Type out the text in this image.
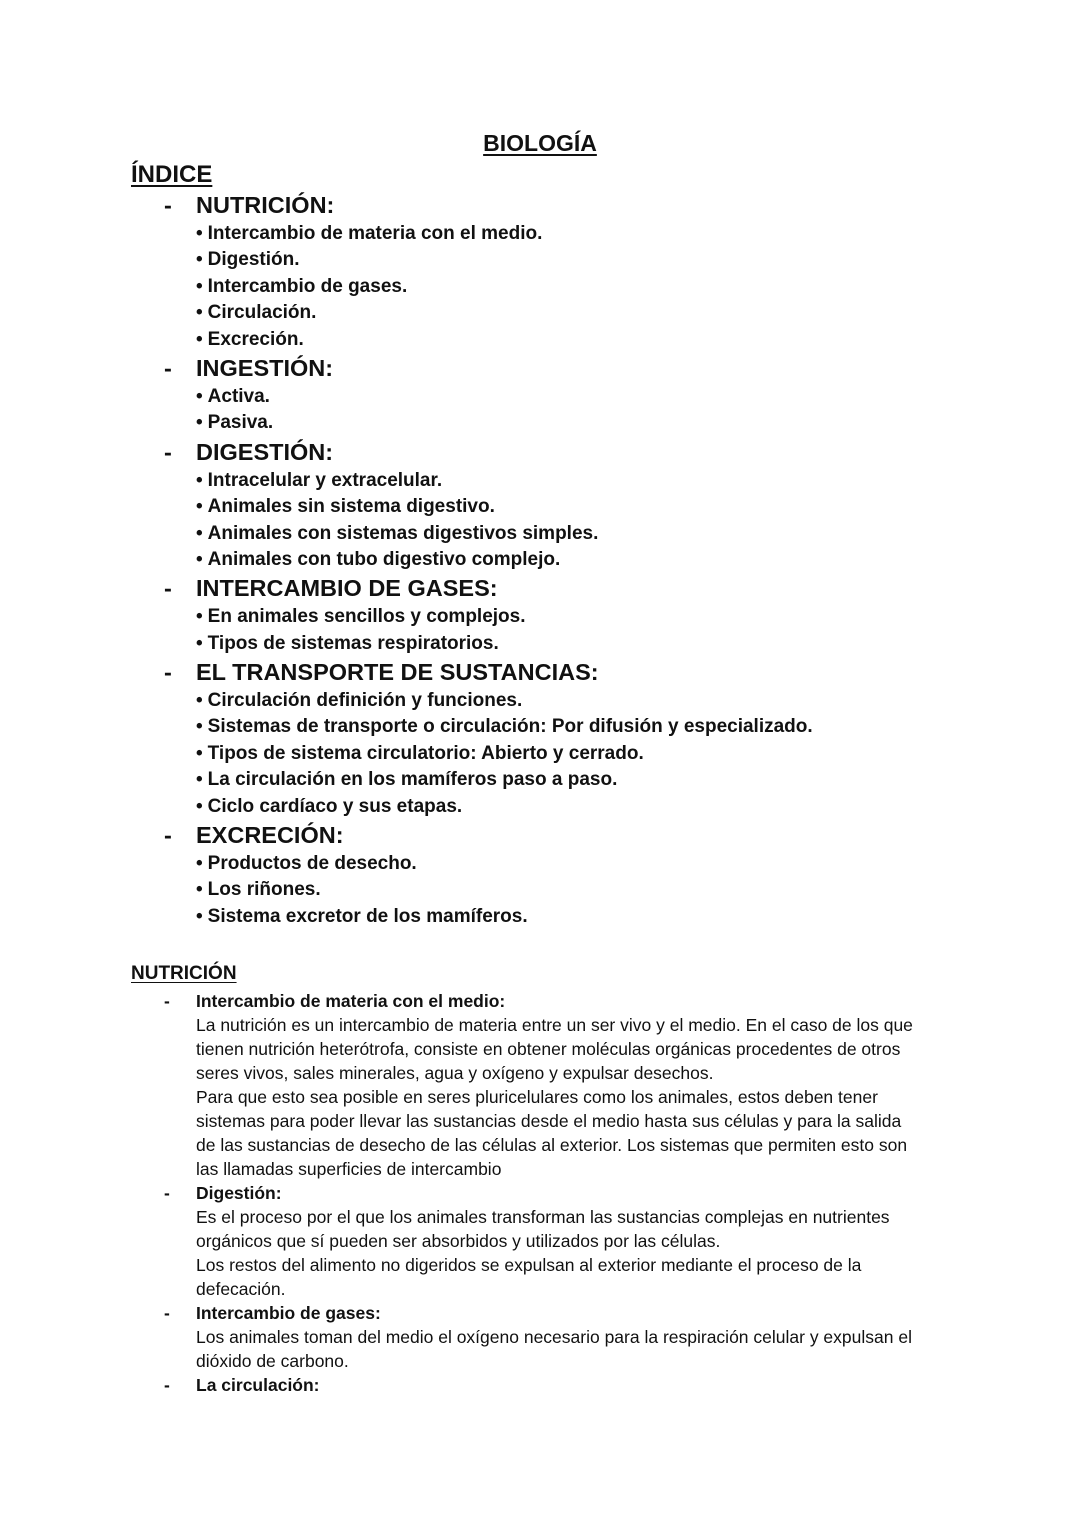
BIOLOGÍA
ÍNDICE
- NUTRICIÓN:
• Intercambio de materia con el medio.
• Digestión.
• Intercambio de gases.
• Circulación.
• Excreción.
- INGESTIÓN:
• Activa.
• Pasiva.
- DIGESTIÓN:
• Intracelular y extracelular.
• Animales sin sistema digestivo.
• Animales con sistemas digestivos simples.
• Animales con tubo digestivo complejo.
- INTERCAMBIO DE GASES:
• En animales sencillos y complejos.
• Tipos de sistemas respiratorios.
- EL TRANSPORTE DE SUSTANCIAS:
• Circulación definición y funciones.
• Sistemas de transporte o circulación: Por difusión y especializado.
• Tipos de sistema circulatorio: Abierto y cerrado.
• La circulación en los mamíferos paso a paso.
• Ciclo cardíaco y sus etapas.
- EXCRECIÓN:
• Productos de desecho.
• Los riñones.
• Sistema excretor de los mamíferos.
NUTRICIÓN
- Intercambio de materia con el medio:
La nutrición es un intercambio de materia entre un ser vivo y el medio. En el caso de los que
tienen nutrición heterótrofa, consiste en obtener moléculas orgánicas procedentes de otros
seres vivos, sales minerales, agua y oxígeno y expulsar desechos.
Para que esto sea posible en seres pluricelulares como los animales, estos deben tener
sistemas para poder llevar las sustancias desde el medio hasta sus células y para la salida
de las sustancias de desecho de las células al exterior. Los sistemas que permiten esto son
las llamadas superficies de intercambio
- Digestión:
Es el proceso por el que los animales transforman las sustancias complejas en nutrientes
orgánicos que sí pueden ser absorbidos y utilizados por las células.
Los restos del alimento no digeridos se expulsan al exterior mediante el proceso de la
defecación.
- Intercambio de gases:
Los animales toman del medio el oxígeno necesario para la respiración celular y expulsan el
dióxido de carbono.
- La circulación:
